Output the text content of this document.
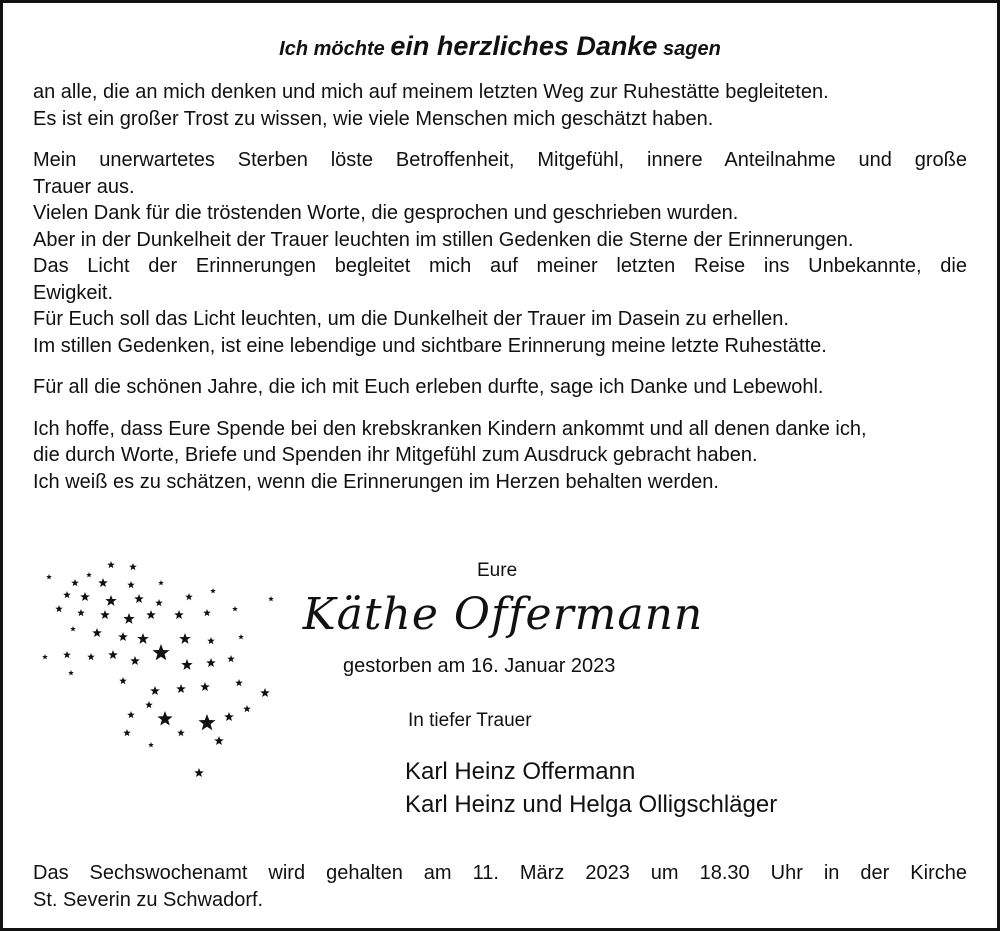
Ich möchte ein herzliches Danke sagen

an alle, die an mich denken und mich auf meinem letzten Weg zur Ruhestätte begleiteten.
Es ist ein großer Trost zu wissen, wie viele Menschen mich geschätzt haben.

Mein unerwartetes Sterben löste Betroffenheit, Mitgefühl, innere Anteilnahme und große
Trauer aus.
Vielen Dank für die tröstenden Worte, die gesprochen und geschrieben wurden.
Aber in der Dunkelheit der Trauer leuchten im stillen Gedenken die Sterne der Erinnerungen.
Das Licht der Erinnerungen begleitet mich auf meiner letzten Reise ins Unbekannte, die
Ewigkeit.
Für Euch soll das Licht leuchten, um die Dunkelheit der Trauer im Dasein zu erhellen.
Im stillen Gedenken, ist eine lebendige und sichtbare Erinnerung meine letzte Ruhestätte.

Für all die schönen Jahre, die ich mit Euch erleben durfte, sage ich Danke und Lebewohl.

Ich hoffe, dass Eure Spende bei den krebskranken Kindern ankommt und all denen danke ich,
die durch Worte, Briefe und Spenden ihr Mitgefühl zum Ausdruck gebracht haben.
Ich weiß es zu schätzen, wenn die Erinnerungen im Herzen behalten werden.

Eure
Käthe Offermann
gestorben am 16. Januar 2023
In tiefer Trauer
Karl Heinz Offermann
Karl Heinz und Helga Olligschläger
Das Sechswochenamt wird gehalten am 11. März 2023 um 18.30 Uhr in der Kirche
St. Severin zu Schwadorf.
